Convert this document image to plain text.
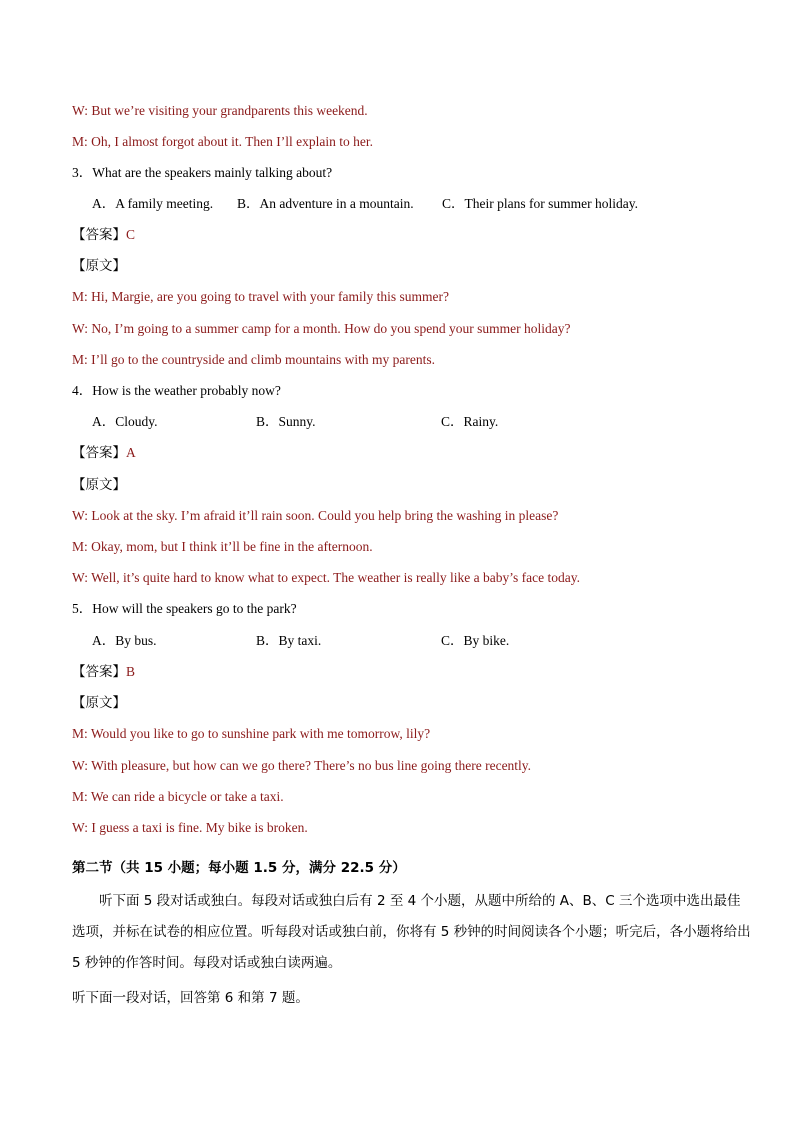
W: But we’re visiting your grandparents this weekend.
M: Oh, I almost forgot about it. Then I’ll explain to her.
3．What are the speakers mainly talking about?
A．A family meeting. B．An adventure in a mountain. C．Their plans for summer holiday.
【答案】C
【原文】
M: Hi, Margie, are you going to travel with your family this summer?
W: No, I’m going to a summer camp for a month. How do you spend your summer holiday?
M: I’ll go to the countryside and climb mountains with my parents.
4．How is the weather probably now?
A．Cloudy.	B．Sunny.	C．Rainy.
【答案】A
【原文】
W: Look at the sky. I’m afraid it’ll rain soon. Could you help bring the washing in please?
M: Okay, mom, but I think it’ll be fine in the afternoon.
W: Well, it’s quite hard to know what to expect. The weather is really like a baby’s face today.
5．How will the speakers go to the park?
A．By bus.	B．By taxi.	C．By bike.
【答案】B
【原文】
M: Would you like to go to sunshine park with me tomorrow, lily?
W: With pleasure, but how can we go there? There’s no bus line going there recently.
M: We can ride a bicycle or take a taxi.
W: I guess a taxi is fine. My bike is broken.
第二节（共 15 小题；每小题 1.5 分，满分 22.5 分）
听下面 5 段对话或独白。每段对话或独白后有 2 至 4 个小题，从题中所给的 A、B、C 三个选项中选出最佳选项，并标在试卷的相应位置。听每段对话或独白前，你将有 5 秒钟的时间阅读各个小题；听完后，各小题将给出 5 秒钟的作答时间。每段对话或独白读两遍。
听下面一段对话，回答第 6 和第 7 题。
